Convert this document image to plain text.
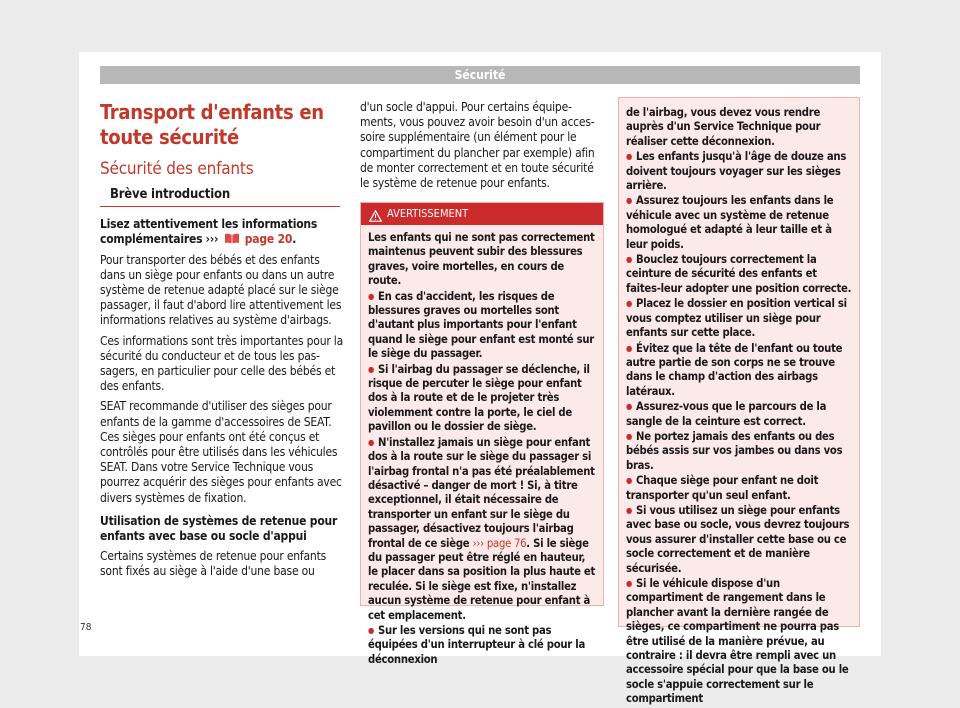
Sécurité
Transport d'enfants en toute sécurité
Sécurité des enfants
Brève introduction

Lisez attentivement les informations complémentaires ››› page 20.

Pour transporter des bébés et des enfants dans un siège pour enfants ou dans un autre système de retenue adapté placé sur le siège passager, il faut d'abord lire attentivement les informations relatives au système d'airbags.

Ces informations sont très importantes pour la sécurité du conducteur et de tous les passagers, en particulier pour celle des bébés et des enfants.

SEAT recommande d'utiliser des sièges pour enfants de la gamme d'accessoires de SEAT. Ces sièges pour enfants ont été conçus et contrôlés pour être utilisés dans les véhicules SEAT. Dans votre Service Technique vous pourrez acquérir des sièges pour enfants avec divers systèmes de fixation.

Utilisation de systèmes de retenue pour enfants avec base ou socle d'appui

Certains systèmes de retenue pour enfants sont fixés au siège à l'aide d'une base ou

d'un socle d'appui. Pour certains équipements, vous pouvez avoir besoin d'un accessoire supplémentaire (un élément pour le compartiment du plancher par exemple) afin de monter correctement et en toute sécurité le système de retenue pour enfants.

AVERTISSEMENT

Les enfants qui ne sont pas correctement maintenus peuvent subir des blessures graves, voire mortelles, en cours de route.

● En cas d'accident, les risques de blessures graves ou mortelles sont d'autant plus importants pour l'enfant quand le siège pour enfant est monté sur le siège du passager.

● Si l'airbag du passager se déclenche, il risque de percuter le siège pour enfant dos à la route et de le projeter très violemment contre la porte, le ciel de pavillon ou le dossier de siège.

● N'installez jamais un siège pour enfant dos à la route sur le siège du passager si l'airbag frontal n'a pas été préalablement désactivé – danger de mort ! Si, à titre exceptionnel, il était nécessaire de transporter un enfant sur le siège du passager, désactivez toujours l'airbag frontal de ce siège ››› page 76. Si le siège du passager peut être réglé en hauteur, le placer dans sa position la plus haute et reculée. Si le siège est fixe, n'installez aucun système de retenue pour enfant à cet emplacement.

● Sur les versions qui ne sont pas équipées d'un interrupteur à clé pour la déconnexion

de l'airbag, vous devez vous rendre auprès d'un Service Technique pour réaliser cette déconnexion.

● Les enfants jusqu'à l'âge de douze ans doivent toujours voyager sur les sièges arrière.

● Assurez toujours les enfants dans le véhicule avec un système de retenue homologué et adapté à leur taille et à leur poids.

● Bouclez toujours correctement la ceinture de sécurité des enfants et faites-leur adopter une position correcte.

● Placez le dossier en position vertical si vous comptez utiliser un siège pour enfants sur cette place.

● Évitez que la tête de l'enfant ou toute autre partie de son corps ne se trouve dans le champ d'action des airbags latéraux.

● Assurez-vous que le parcours de la sangle de la ceinture est correct.

● Ne portez jamais des enfants ou des bébés assis sur vos jambes ou dans vos bras.

● Chaque siège pour enfant ne doit transporter qu'un seul enfant.

● Si vous utilisez un siège pour enfants avec base ou socle, vous devrez toujours vous assurer d'installer cette base ou ce socle correctement et de manière sécurisée.

● Si le véhicule dispose d'un compartiment de rangement dans le plancher avant la dernière rangée de sièges, ce compartiment ne pourra pas être utilisé de la manière prévue, au contraire : il devra être rempli avec un accessoire spécial pour que la base ou le socle s'appuie correctement sur le compartiment

78
